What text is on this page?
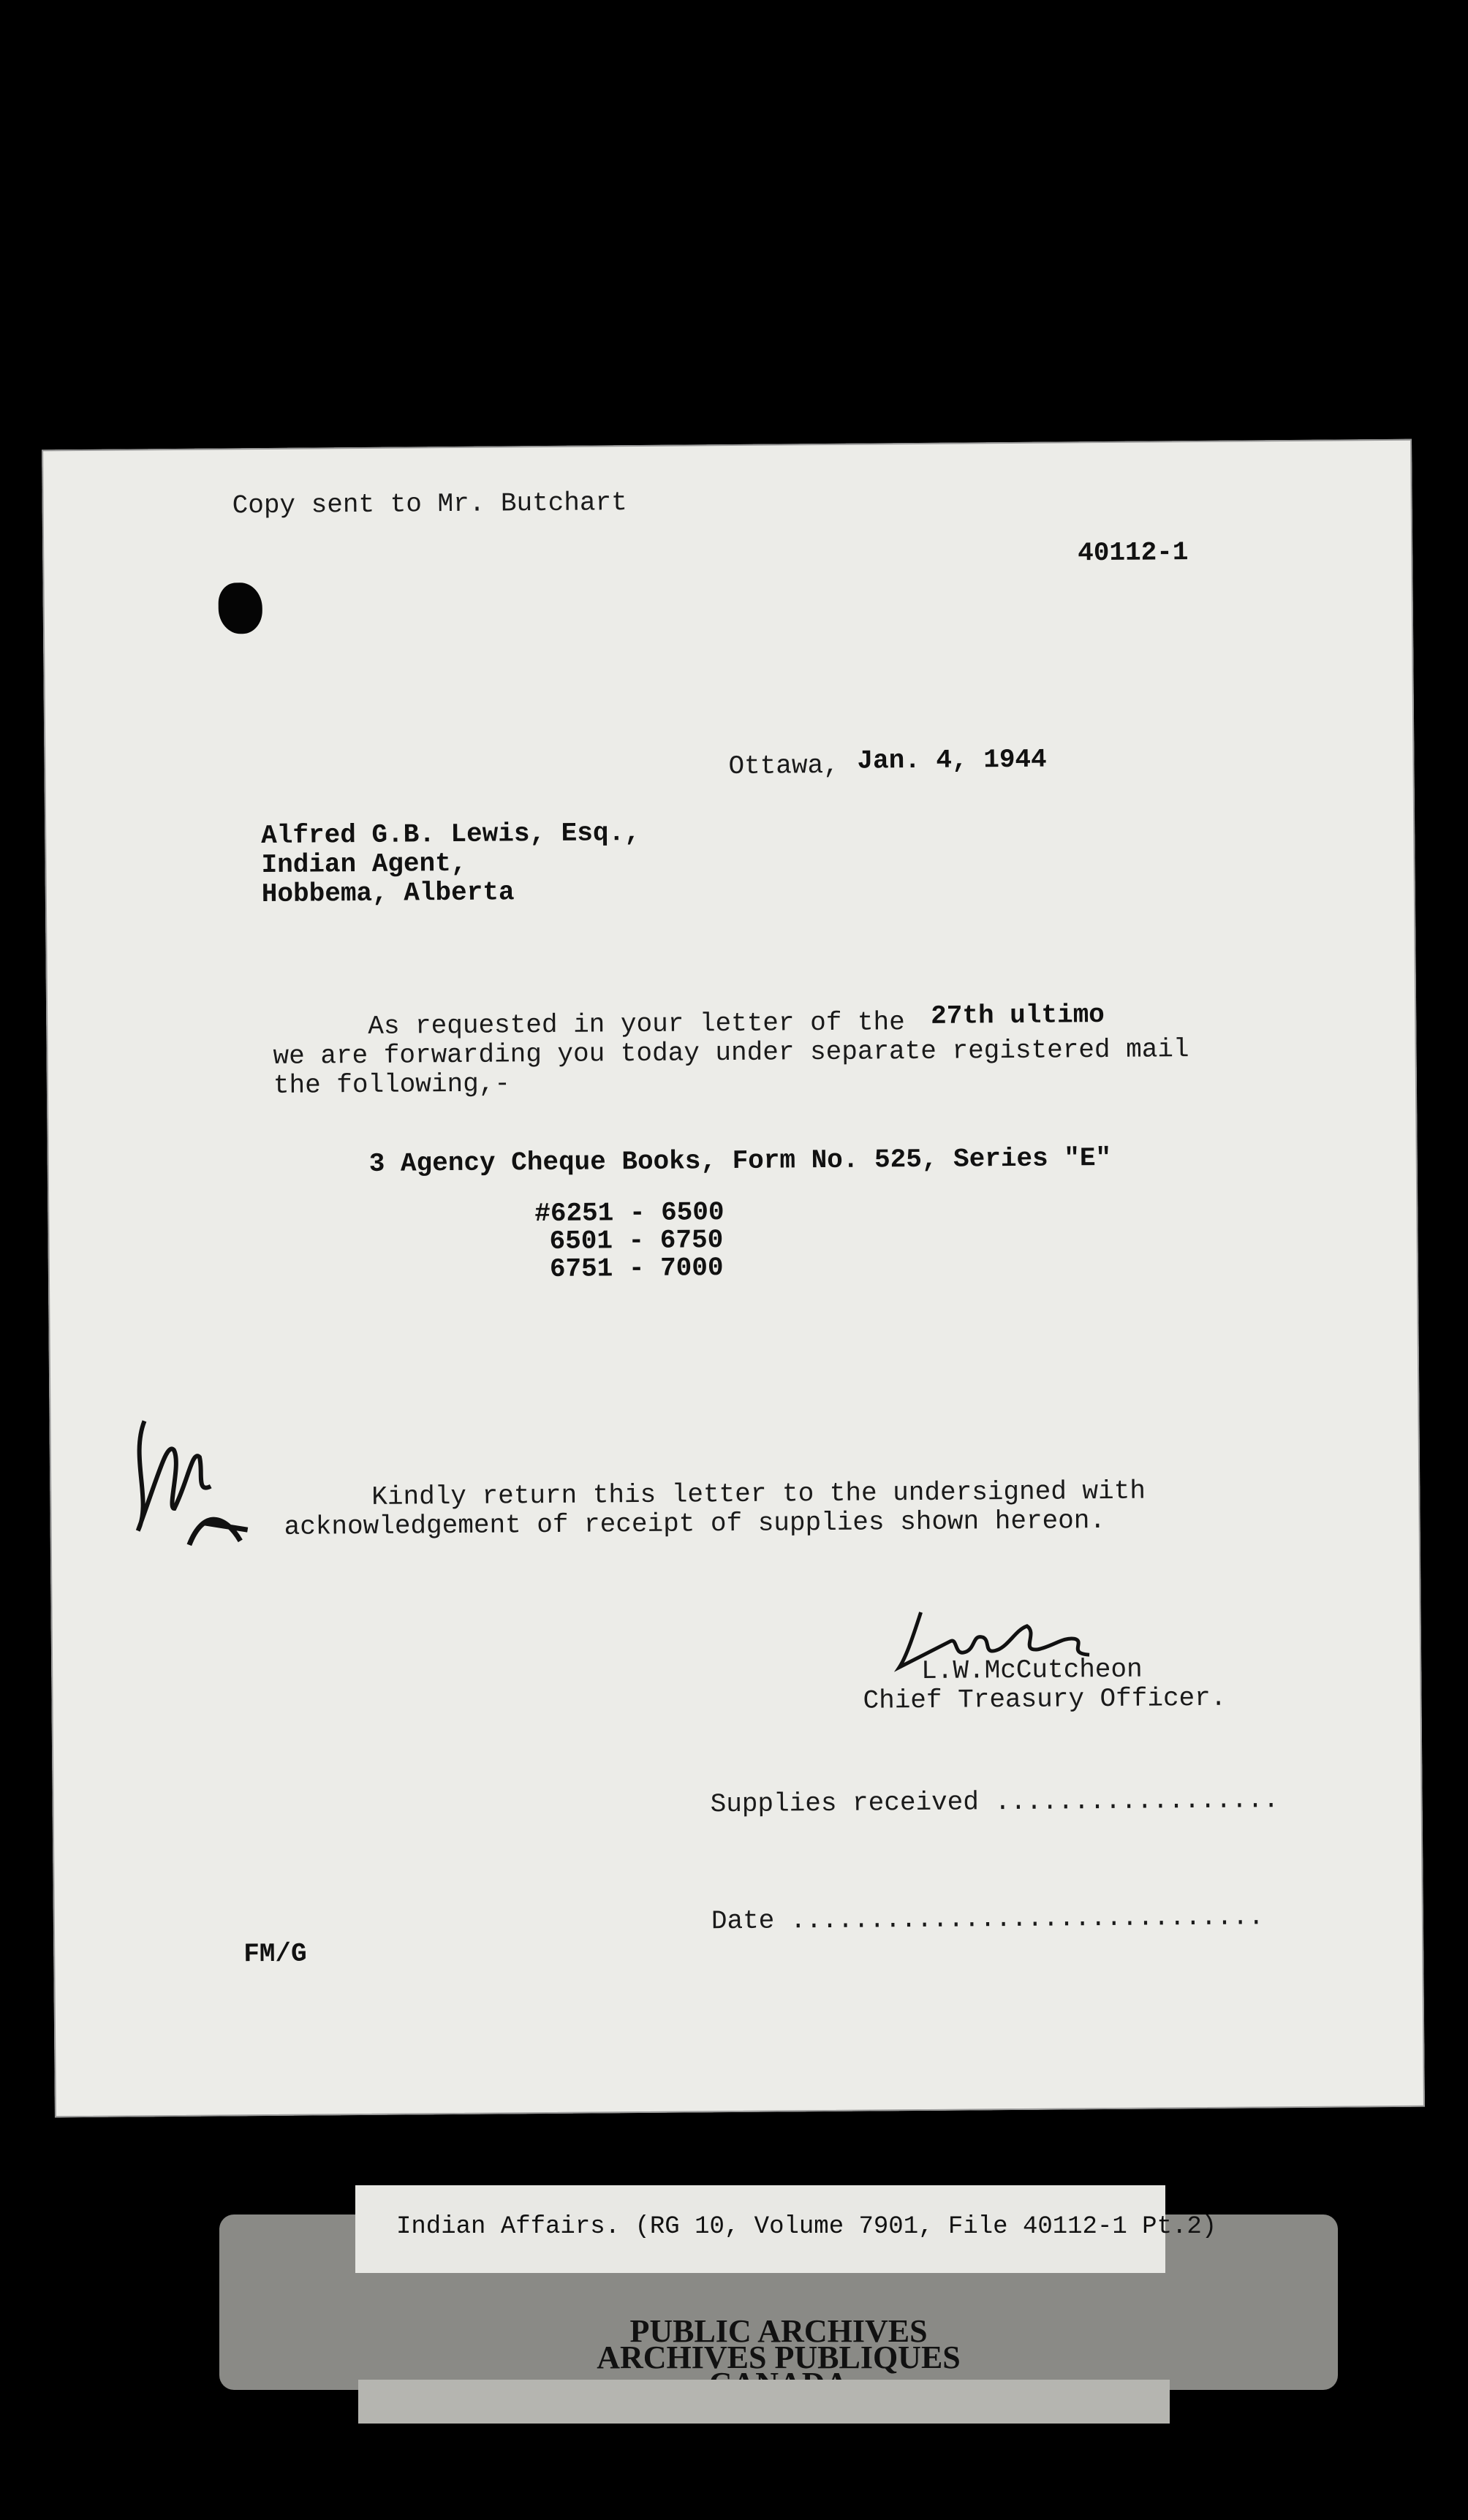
Copy sent to Mr. Butchart
40112-1
Ottawa, Jan. 4, 1944
Alfred G.B. Lewis, Esq.,
Indian Agent,
Hobbema, Alberta
As requested in your letter of the 27th ultimo
we are forwarding you today under separate registered mail
the following,-
3 Agency Cheque Books, Form No. 525, Series "E"
#6251 - 6500
6501 - 6750
6751 - 7000
Kindly return this letter to the undersigned with
acknowledgement of receipt of supplies shown hereon.
L.W.McCutcheon
Chief Treasury Officer.
Supplies received ..................
Date ..............................
FM/G
Indian Affairs. (RG 10, Volume 7901, File 40112-1 Pt.2)
PUBLIC ARCHIVES
ARCHIVES PUBLIQUES
